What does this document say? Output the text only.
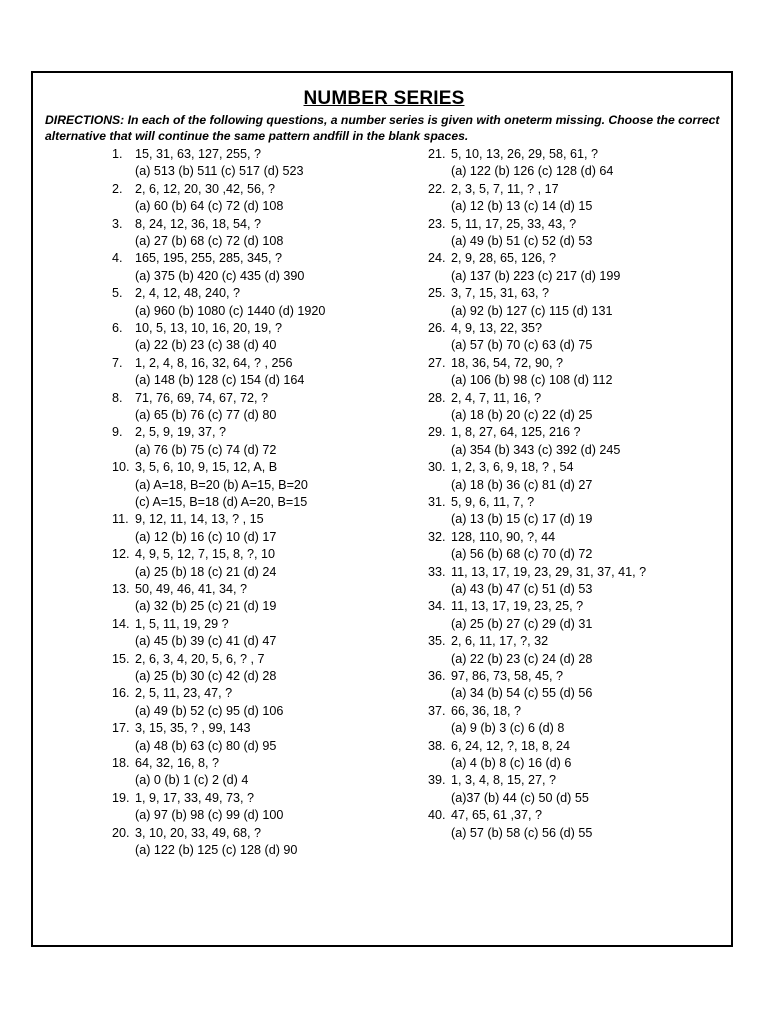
NUMBER SERIES
DIRECTIONS: In each of the following questions, a number series is given with oneterm missing. Choose the correct alternative that will continue the same pattern andfill in the blank spaces.
1. 15, 31, 63, 127, 255, ?
(a) 513 (b) 511 (c) 517 (d) 523
2. 2, 6, 12, 20, 30 ,42, 56, ?
(a) 60 (b) 64 (c) 72 (d) 108
3. 8, 24, 12, 36, 18, 54, ?
(a) 27 (b) 68 (c) 72 (d) 108
4. 165, 195, 255, 285, 345, ?
(a) 375 (b) 420 (c) 435 (d) 390
5. 2, 4, 12, 48, 240, ?
(a) 960 (b) 1080 (c) 1440 (d) 1920
6. 10, 5, 13, 10, 16, 20, 19, ?
(a) 22 (b) 23 (c) 38 (d) 40
7. 1, 2, 4, 8, 16, 32, 64, ? , 256
(a) 148 (b) 128 (c) 154 (d) 164
8. 71, 76, 69, 74, 67, 72, ?
(a) 65 (b) 76 (c) 77 (d) 80
9. 2, 5, 9, 19, 37, ?
(a) 76 (b) 75 (c) 74 (d) 72
10. 3, 5, 6, 10, 9, 15, 12, A, B
(a) A=18, B=20 (b) A=15, B=20
(c) A=15, B=18 (d) A=20, B=15
11. 9, 12, 11, 14, 13, ? , 15
(a) 12 (b) 16 (c) 10 (d) 17
12. 4, 9, 5, 12, 7, 15, 8, ?, 10
(a) 25 (b) 18 (c) 21 (d) 24
13. 50, 49, 46, 41, 34, ?
(a) 32 (b) 25 (c) 21 (d) 19
14. 1, 5, 11, 19, 29 ?
(a) 45 (b) 39 (c) 41 (d) 47
15. 2, 6, 3, 4, 20, 5, 6, ? , 7
(a) 25 (b) 30 (c) 42 (d) 28
16. 2, 5, 11, 23, 47, ?
(a) 49 (b) 52 (c) 95 (d) 106
17. 3, 15, 35, ? , 99, 143
(a) 48 (b) 63 (c) 80 (d) 95
18. 64, 32, 16, 8, ?
(a) 0 (b) 1 (c) 2 (d) 4
19. 1, 9, 17, 33, 49, 73, ?
(a) 97 (b) 98 (c) 99 (d) 100
20. 3, 10, 20, 33, 49, 68, ?
(a) 122 (b) 125 (c) 128 (d) 90
21. 5, 10, 13, 26, 29, 58, 61, ?
(a) 122 (b) 126 (c) 128 (d) 64
22. 2, 3, 5, 7, 11, ? , 17
(a) 12 (b) 13 (c) 14 (d) 15
23. 5, 11, 17, 25, 33, 43, ?
(a) 49 (b) 51 (c) 52 (d) 53
24. 2, 9, 28, 65, 126, ?
(a) 137 (b) 223 (c) 217 (d) 199
25. 3, 7, 15, 31, 63, ?
(a) 92 (b) 127 (c) 115 (d) 131
26. 4, 9, 13, 22, 35?
(a) 57 (b) 70 (c) 63 (d) 75
27. 18, 36, 54, 72, 90, ?
(a) 106 (b) 98 (c) 108 (d) 112
28. 2, 4, 7, 11, 16, ?
(a) 18 (b) 20 (c) 22 (d) 25
29. 1, 8, 27, 64, 125, 216 ?
(a) 354 (b) 343 (c) 392 (d) 245
30. 1, 2, 3, 6, 9, 18, ? , 54
(a) 18 (b) 36 (c) 81 (d) 27
31. 5, 9, 6, 11, 7, ?
(a) 13 (b) 15 (c) 17 (d) 19
32. 128, 110, 90, ?, 44
(a) 56 (b) 68 (c) 70 (d) 72
33. 11, 13, 17, 19, 23, 29, 31, 37, 41, ?
(a) 43 (b) 47 (c) 51 (d) 53
34. 11, 13, 17, 19, 23, 25, ?
(a) 25 (b) 27 (c) 29 (d) 31
35. 2, 6, 11, 17, ?, 32
(a) 22 (b) 23 (c) 24 (d) 28
36. 97, 86, 73, 58, 45, ?
(a) 34 (b) 54 (c) 55 (d) 56
37. 66, 36, 18, ?
(a) 9 (b) 3 (c) 6 (d) 8
38. 6, 24, 12, ?, 18, 8, 24
(a) 4 (b) 8 (c) 16 (d) 6
39. 1, 3, 4, 8, 15, 27, ?
(a)37 (b) 44 (c) 50 (d) 55
40. 47, 65, 61 ,37, ?
(a) 57 (b) 58 (c) 56 (d) 55
